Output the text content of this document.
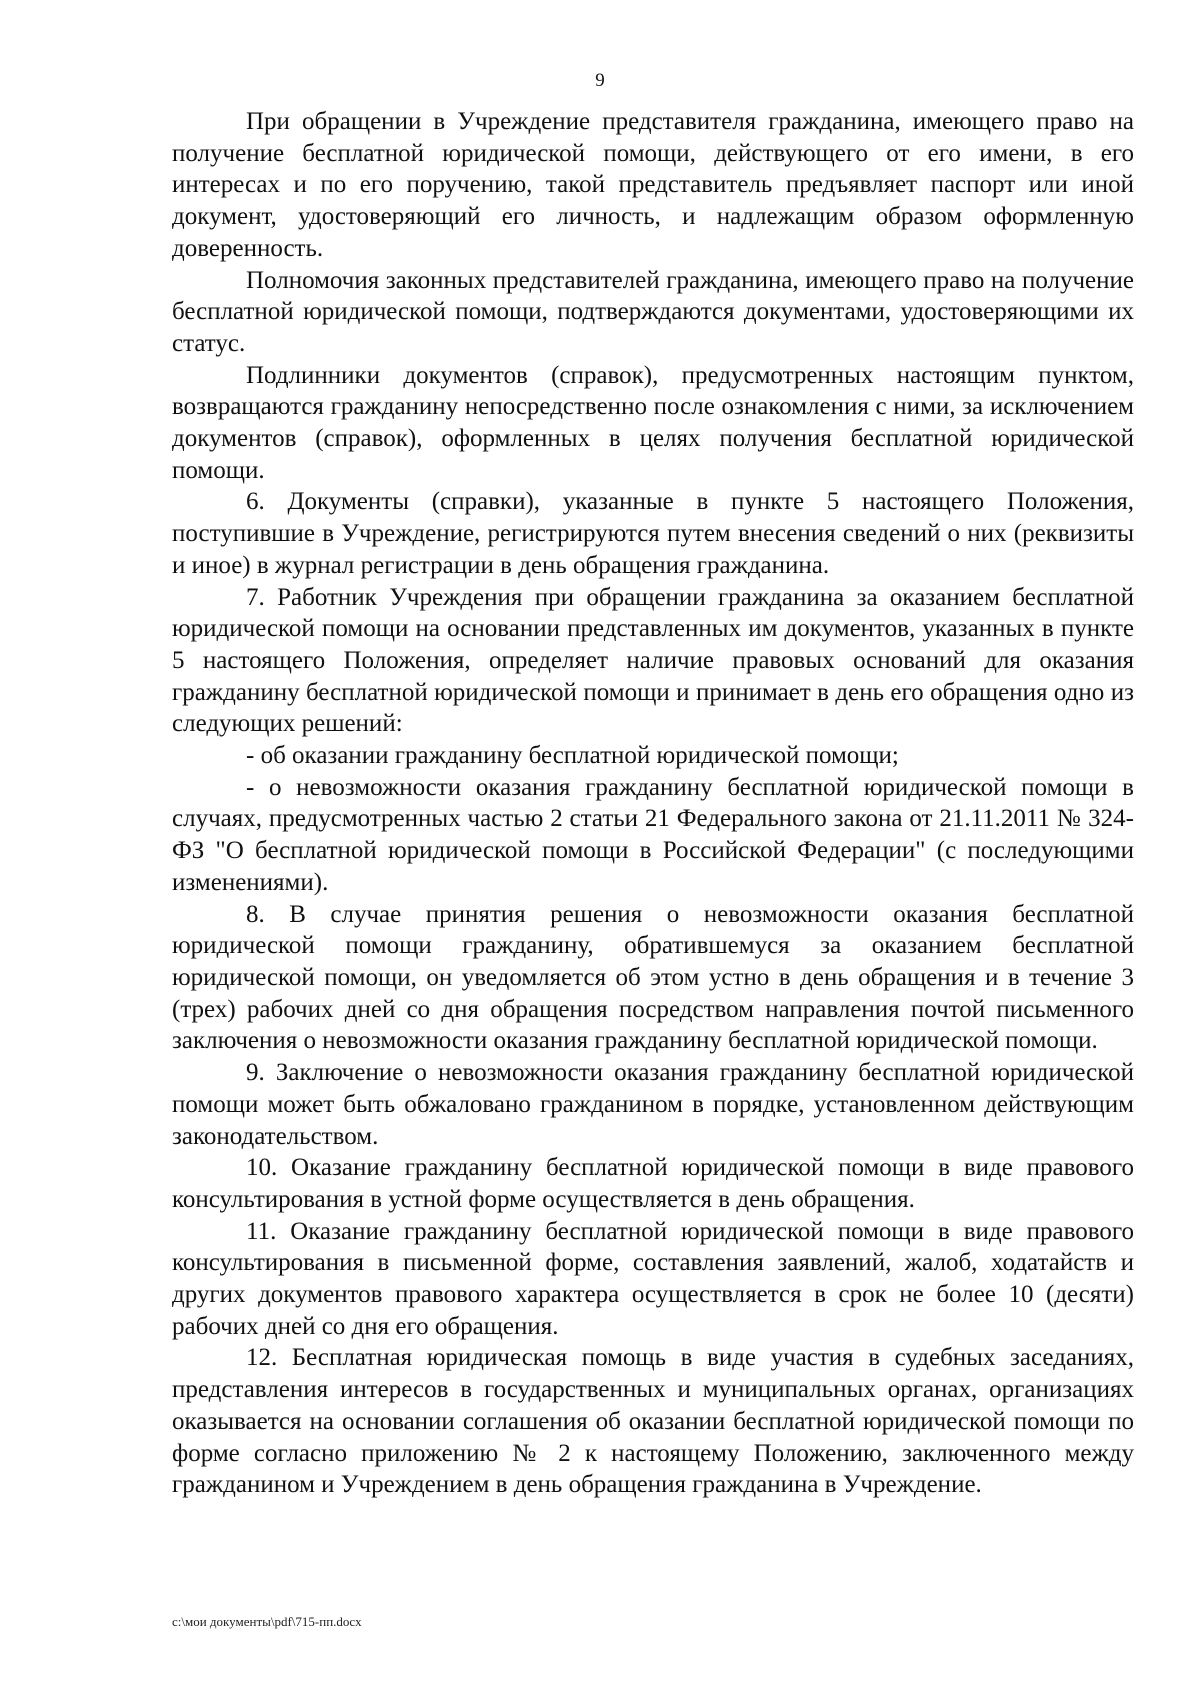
9

При обращении в Учреждение представителя гражданина, имеющего право на получение бесплатной юридической помощи, действующего от его имени, в его интересах и по его поручению, такой представитель предъявляет паспорт или иной документ, удостоверяющий его личность, и надлежащим образом оформленную доверенность.

Полномочия законных представителей гражданина, имеющего право на получение бесплатной юридической помощи, подтверждаются документами, удостоверяющими их статус.

Подлинники документов (справок), предусмотренных настоящим пунктом, возвращаются гражданину непосредственно после ознакомления с ними, за исключением документов (справок), оформленных в целях получения бесплатной юридической помощи.

6. Документы (справки), указанные в пункте 5 настоящего Положения, поступившие в Учреждение, регистрируются путем внесения сведений о них (реквизиты и иное) в журнал регистрации в день обращения гражданина.

7. Работник Учреждения при обращении гражданина за оказанием бесплатной юридической помощи на основании представленных им документов, указанных в пункте 5 настоящего Положения, определяет наличие правовых оснований для оказания гражданину бесплатной юридической помощи и принимает в день его обращения одно из следующих решений:

- об оказании гражданину бесплатной юридической помощи;

- о невозможности оказания гражданину бесплатной юридической помощи в случаях, предусмотренных частью 2 статьи 21 Федерального закона от 21.11.2011 № 324-ФЗ "О бесплатной юридической помощи в Российской Федерации" (с последующими изменениями).

8. В случае принятия решения о невозможности оказания бесплатной юридической помощи гражданину, обратившемуся за оказанием бесплатной юридической помощи, он уведомляется об этом устно в день обращения и в течение 3 (трех) рабочих дней со дня обращения посредством направления почтой письменного заключения о невозможности оказания гражданину бесплатной юридической помощи.

9. Заключение о невозможности оказания гражданину бесплатной юридической помощи может быть обжаловано гражданином в порядке, установленном действующим законодательством.

10. Оказание гражданину бесплатной юридической помощи в виде правового консультирования в устной форме осуществляется в день обращения.

11. Оказание гражданину бесплатной юридической помощи в виде правового консультирования в письменной форме, составления заявлений, жалоб, ходатайств и других документов правового характера осуществляется в срок не более 10 (десяти) рабочих дней со дня его обращения.

12. Бесплатная юридическая помощь в виде участия в судебных заседаниях, представления интересов в государственных и муниципальных органах, организациях оказывается на основании соглашения об оказании бесплатной юридической помощи по форме согласно приложению № 2 к настоящему Положению, заключенного между гражданином и Учреждением в день обращения гражданина в Учреждение.

c:\мои документы\pdf\715-пп.docx
